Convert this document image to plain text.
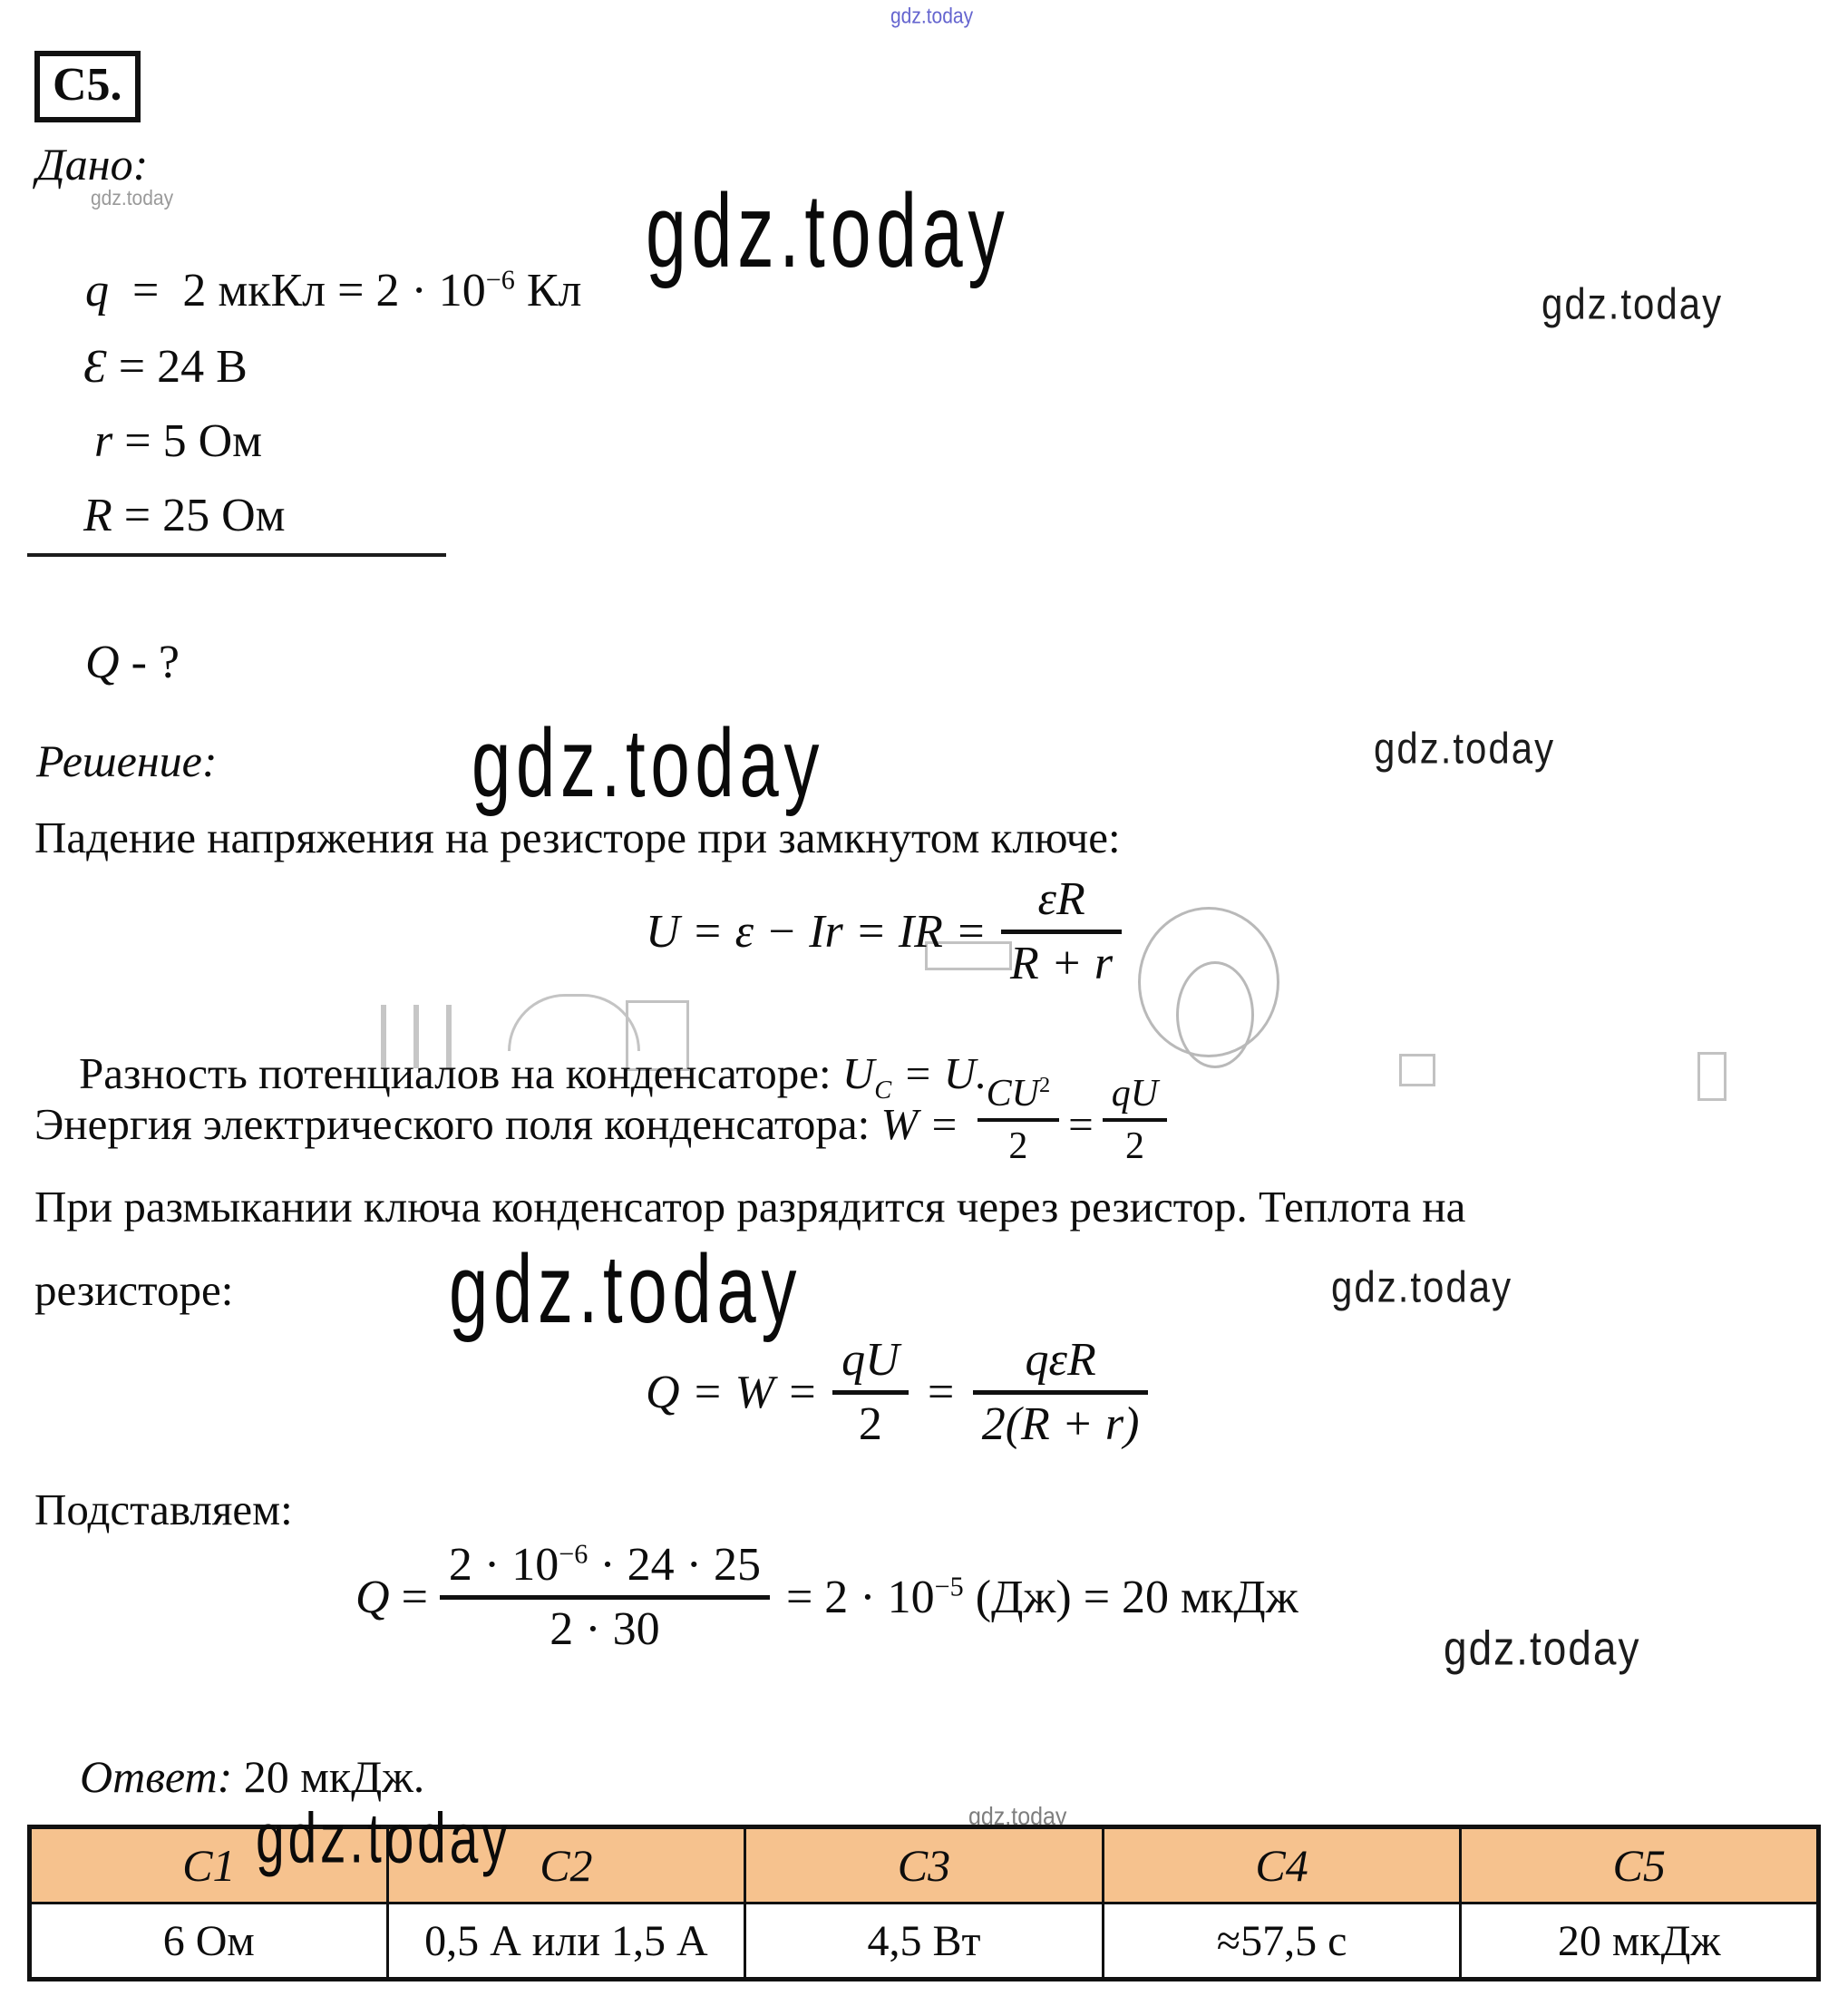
gdz.today
gdz.today	gdz.today
gdz.today
gdz.today	gdz.today
gdz.today	gdz.today
gdz.today
gdz.today	gdz.today
С5.
Дано:

q  =  2 мкКл = $2 \cdot 10^{-6}$ Кл

Ɛ = 24 В

r = 5 Ом

R = 25 Ом

Q - ?

Решение:
Падение напряжения на резисторе при замкнутом ключе:
U = ε − Ir = IR =
εR
R + r

Разность потенциалов на конденсаторе: $U_C = U$.

Энергия электрического поля конденсатора: $W = \frac{CU^2}{2} = \frac{qU}{2}$
При размыкании ключа конденсатор разрядится через резистор. Теплота на
резисторе:
Q = W =
qU
2
=
qεR
2(R + r)
Подставляем:
Q =
$2 \cdot 10^{-6} \cdot 24 \cdot 25$
2 · 30
= $2 \cdot 10^{-5}$ (Дж) = 20 мкДж

Ответ: 20 мкДж.

С1	С2	С3	С4	С5
6 Ом	0,5 А или 1,5 А	4,5 Вт	≈57,5 с	20 мкДж
